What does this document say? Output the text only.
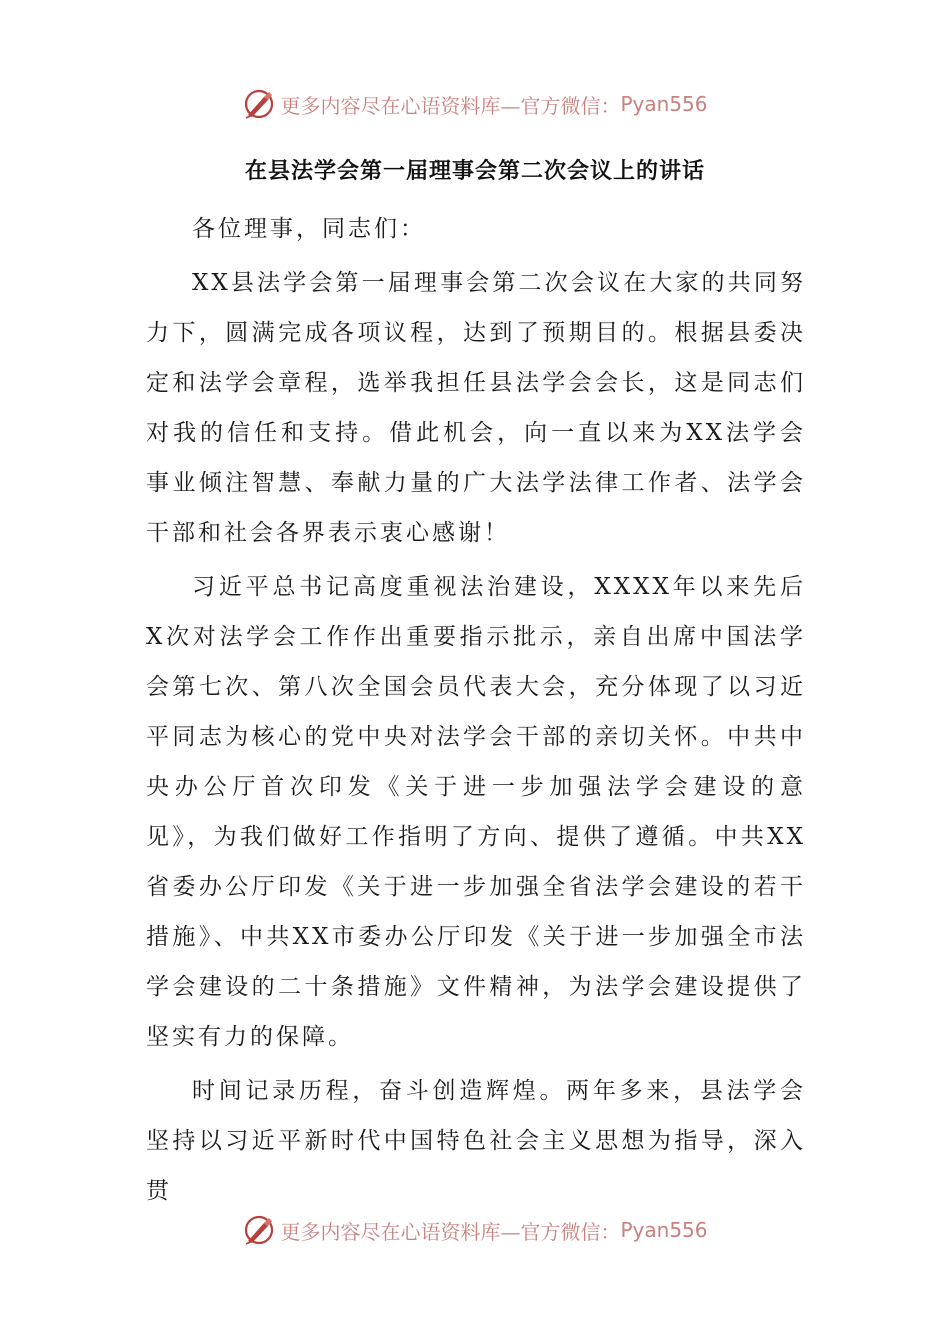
更多内容尽在心语资料库—官方微信： Pyan556
在县法学会第一届理事会第二次会议上的讲话

各位理事，同志们：

XX县法学会第一届理事会第二次会议在大家的共同努力下，圆满完成各项议程，达到了预期目的。根据县委决定和法学会章程，选举我担任县法学会会长，这是同志们对我的信任和支持。借此机会，向一直以来为XX法学会事业倾注智慧、奉献力量的广大法学法律工作者、法学会干部和社会各界表示衷心感谢！

习近平总书记高度重视法治建设，XXXX年以来先后X次对法学会工作作出重要指示批示，亲自出席中国法学会第七次、第八次全国会员代表大会，充分体现了以习近平同志为核心的党中央对法学会干部的亲切关怀。中共中央办公厅首次印发《关于进一步加强法学会建设的意见》，为我们做好工作指明了方向、提供了遵循。中共XX省委办公厅印发《关于进一步加强全省法学会建设的若干措施》、中共XX市委办公厅印发《关于进一步加强全市法学会建设的二十条措施》文件精神，为法学会建设提供了坚实有力的保障。

时间记录历程，奋斗创造辉煌。两年多来，县法学会坚持以习近平新时代中国特色社会主义思想为指导，深入贯

更多内容尽在心语资料库—官方微信： Pyan556
